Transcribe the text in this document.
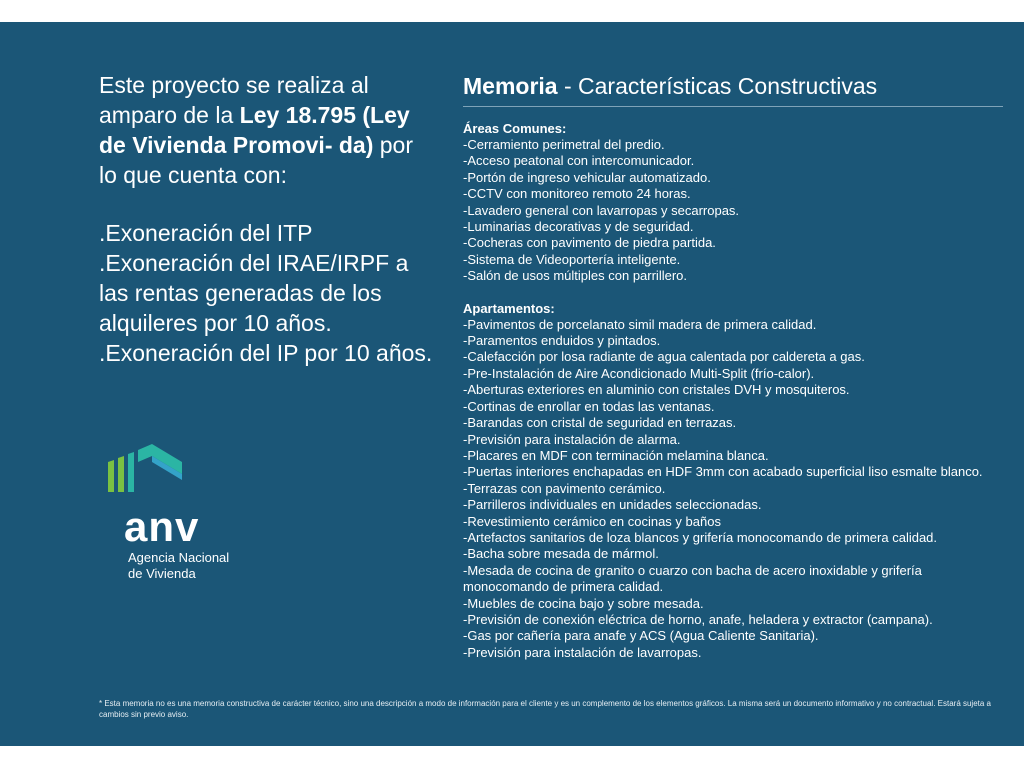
Este proyecto se realiza al amparo de la Ley 18.795 (Ley de Vivienda Promovi- da) por lo que cuenta con:

.Exoneración del ITP

.Exoneración del IRAE/IRPF a las rentas generadas de los alquileres por 10 años.

.Exoneración del IP por 10 años.

anv
Agencia Nacional
de Vivienda
Memoria - Características Constructivas

Áreas Comunes:

-Cerramiento perimetral del predio.
-Acceso peatonal con intercomunicador.
-Portón de ingreso vehicular automatizado.
-CCTV con monitoreo remoto 24 horas.
-Lavadero general con lavarropas y secarropas.
-Luminarias decorativas y de seguridad.
-Cocheras con pavimento de piedra partida.
-Sistema de Videoportería inteligente.
-Salón de usos múltiples con parrillero.

Apartamentos:

-Pavimentos de porcelanato simil madera de primera calidad.
-Paramentos enduidos y pintados.
-Calefacción por losa radiante de agua calentada por caldereta a gas.
-Pre-Instalación de Aire Acondicionado Multi-Split (frío-calor).
-Aberturas exteriores en aluminio con cristales DVH y mosquiteros.
-Cortinas de enrollar en todas las ventanas.
-Barandas con cristal de seguridad en terrazas.
-Previsión para instalación de alarma.
-Placares en MDF con terminación melamina blanca.
-Puertas interiores enchapadas en HDF 3mm con acabado superficial liso esmalte blanco.
-Terrazas con pavimento cerámico.
-Parrilleros individuales en unidades seleccionadas.
-Revestimiento cerámico en cocinas y baños
-Artefactos sanitarios de loza blancos y grifería monocomando de primera calidad.
-Bacha sobre mesada de mármol.
-Mesada de cocina de granito o cuarzo con bacha de acero inoxidable y grifería monocomando de primera calidad.
-Muebles de cocina bajo y sobre mesada.
-Previsión de conexión eléctrica de horno, anafe, heladera y extractor (campana).
-Gas por cañería para anafe y ACS (Agua Caliente Sanitaria).
-Previsión para instalación de lavarropas.
* Esta memoria no es una memoria constructiva de carácter técnico, sino una descripción a modo de información para el cliente y es un complemento de los elementos gráficos. La misma será un documento informativo y no contractual. Estará sujeta a cambios sin previo aviso.
